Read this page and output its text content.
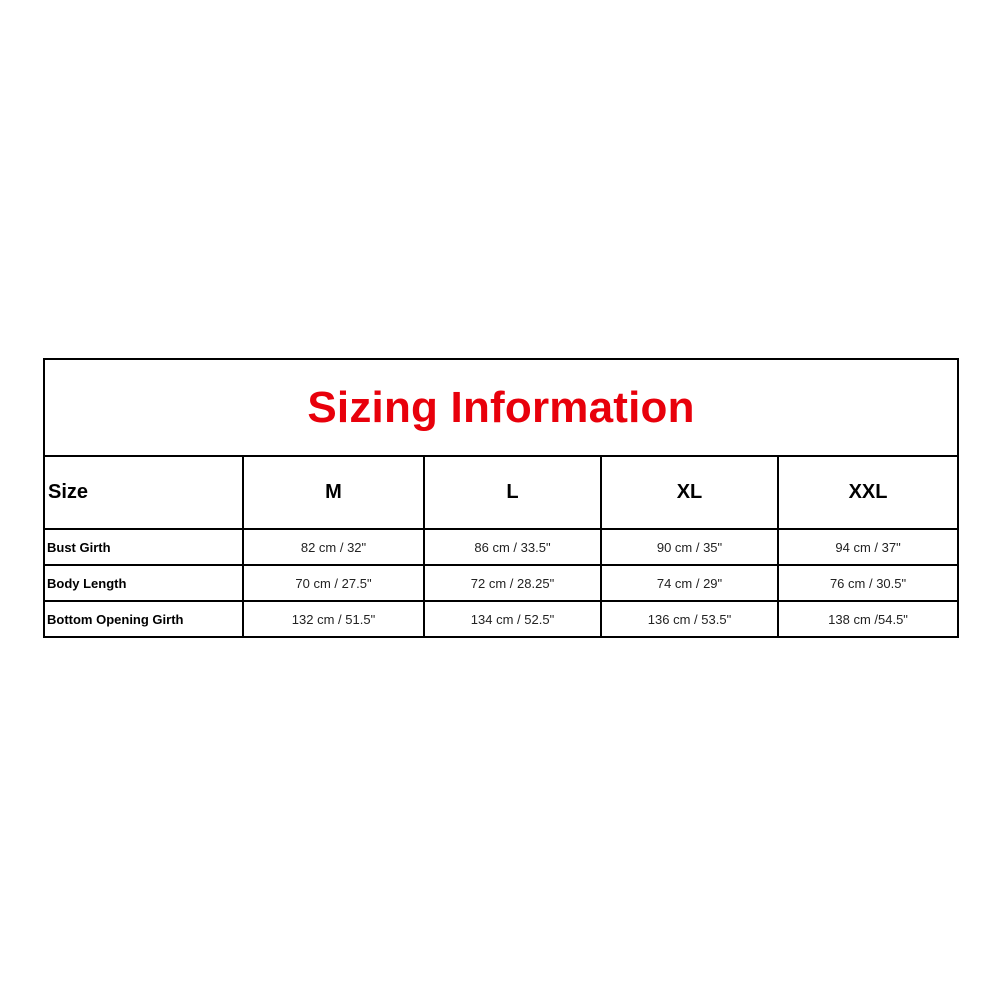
Sizing Information				
Size	M	L	XL	XXL
Bust Girth	82 cm / 32"	86 cm / 33.5"	90 cm / 35"	94 cm / 37"
Body Length	70 cm / 27.5"	72 cm / 28.25"	74 cm / 29"	76 cm / 30.5"
Bottom Opening Girth	132 cm / 51.5"	134 cm / 52.5"	136 cm / 53.5"	138 cm /54.5"
